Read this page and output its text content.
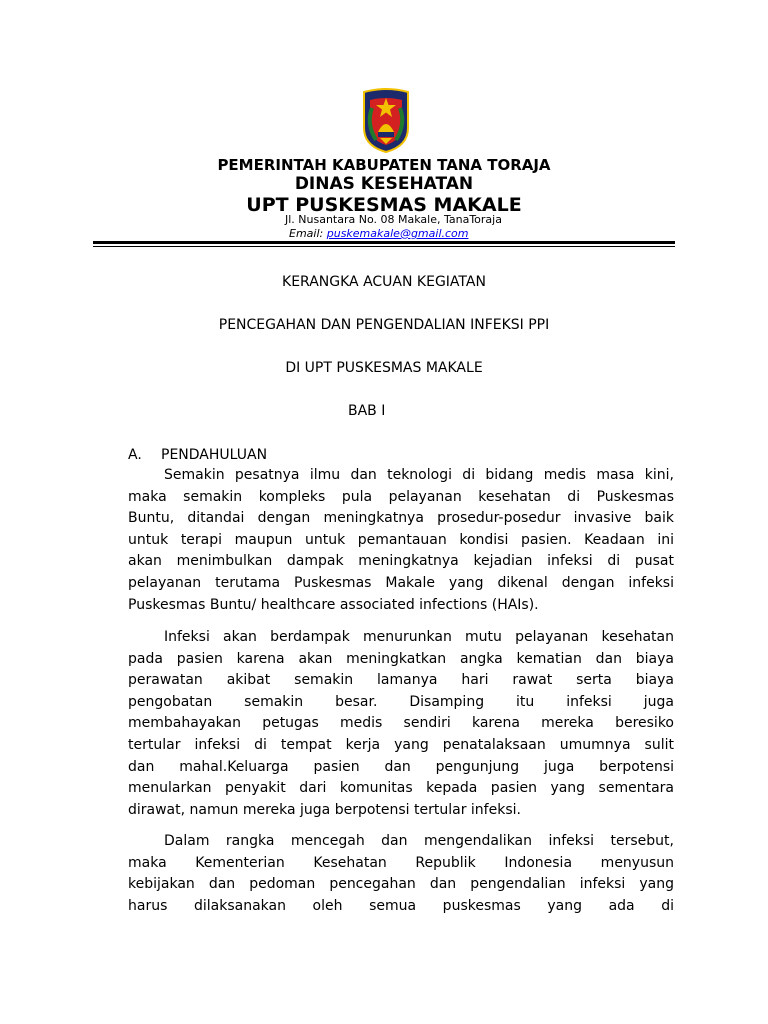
PEMERINTAH KABUPATEN TANA TORAJA
DINAS KESEHATAN
UPT PUSKESMAS MAKALE
Jl. Nusantara No. 08 Makale, TanaToraja
Email: puskemakale@gmail.com
KERANGKA ACUAN KEGIATAN
PENCEGAHAN DAN PENGENDALIAN INFEKSI PPI
DI UPT PUSKESMAS MAKALE
BAB I
A. PENDAHULUAN
Semakin pesatnya ilmu dan teknologi di bidang medis masa kini,
maka semakin kompleks pula pelayanan kesehatan di Puskesmas
Buntu, ditandai dengan meningkatnya prosedur-posedur invasive baik
untuk terapi maupun untuk pemantauan kondisi pasien. Keadaan ini
akan menimbulkan dampak meningkatnya kejadian infeksi di pusat
pelayanan terutama Puskesmas Makale yang dikenal dengan infeksi
Puskesmas Buntu/ healthcare associated infections (HAIs).
Infeksi akan berdampak menurunkan mutu pelayanan kesehatan
pada pasien karena akan meningkatkan angka kematian dan biaya
perawatan akibat semakin lamanya hari rawat serta biaya
pengobatan semakin besar. Disamping itu infeksi juga
membahayakan petugas medis sendiri karena mereka beresiko
tertular infeksi di tempat kerja yang penatalaksaan umumnya sulit
dan mahal.Keluarga pasien dan pengunjung juga berpotensi
menularkan penyakit dari komunitas kepada pasien yang sementara
dirawat, namun mereka juga berpotensi tertular infeksi.
Dalam rangka mencegah dan mengendalikan infeksi tersebut,
maka Kementerian Kesehatan Republik Indonesia menyusun
kebijakan dan pedoman pencegahan dan pengendalian infeksi yang
harus dilaksanakan oleh semua puskesmas yang ada di
